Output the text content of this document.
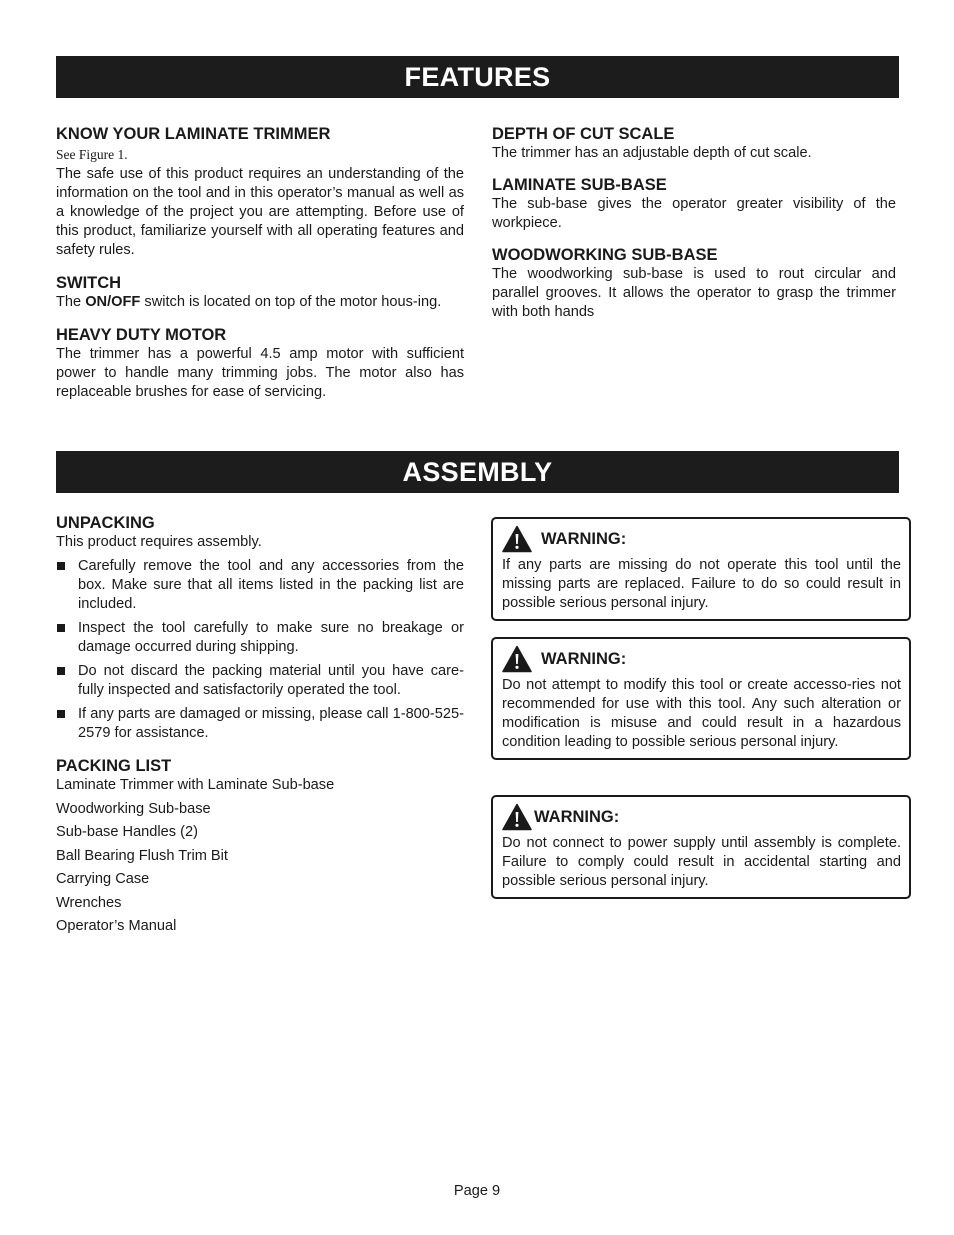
FEATURES
KNOW YOUR LAMINATE TRIMMER

See Figure 1.

The safe use of this product requires an understanding of the information on the tool and in this operator’s manual as well as a knowledge of the project you are attempting. Before use of this product, familiarize yourself with all operating features and safety rules.

SWITCH

The ON/OFF switch is located on top of the motor hous-ing.

HEAVY DUTY MOTOR

The trimmer has a powerful 4.5 amp motor with sufficient power to handle many trimming jobs. The motor also has replaceable brushes for ease of servicing.

DEPTH OF CUT SCALE

The trimmer has an adjustable depth of cut scale.

LAMINATE SUB-BASE

The sub-base gives the operator greater visibility of the workpiece.

WOODWORKING SUB-BASE

The woodworking sub-base is used to rout circular and parallel grooves. It allows the operator to grasp the trimmer with both hands

ASSEMBLY
UNPACKING

This product requires assembly.

Carefully remove the tool and any accessories from the box. Make sure that all items listed in the packing list are included.
Inspect the tool carefully to make sure no breakage or damage occurred during shipping.
Do not discard the packing material until you have care-fully inspected and satisfactorily operated the tool.
If any parts are damaged or missing, please call 1-800-525-2579 for assistance.
PACKING LIST

Laminate Trimmer with Laminate Sub-base

Woodworking Sub-base

Sub-base Handles (2)

Ball Bearing Flush Trim Bit

Carrying Case

Wrenches

Operator’s Manual

WARNING:

If any parts are missing do not operate this tool until the missing parts are replaced. Failure to do so could result in possible serious personal injury.

WARNING:

Do not attempt to modify this tool or create accesso-ries not recommended for use with this tool. Any such alteration or modification is misuse and could result in a hazardous condition leading to possible serious personal injury.

WARNING:

Do not connect to power supply until assembly is complete. Failure to comply could result in accidental starting and possible serious personal injury.

Page 9
